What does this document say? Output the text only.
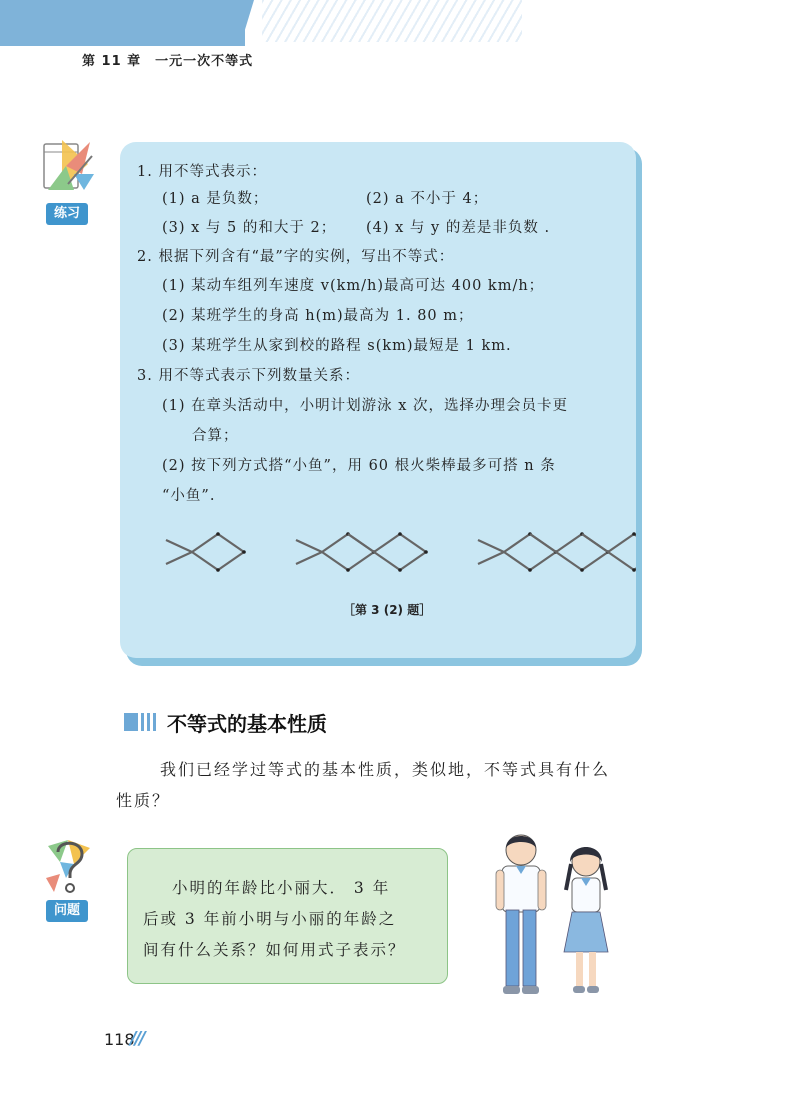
第 11 章　一元一次不等式
练习
1. 用不等式表示：
(1) a 是负数；	(2) a 不小于 4；
(3) x 与 5 的和大于 2； (4) x 与 y 的差是非负数 .
2. 根据下列含有“最”字的实例，写出不等式：
(1) 某动车组列车速度 v(km/h)最高可达 400 km/h；
(2) 某班学生的身高 h(m)最高为 1. 80 m；
(3) 某班学生从家到校的路程 s(km)最短是 1 km.
3. 用不等式表示下列数量关系：
(1) 在章头活动中，小明计划游泳 x 次，选择办理会员卡更
合算；
(2) 按下列方式搭“小鱼”，用 60 根火柴棒最多可搭 n 条
“小鱼”.
［第 3 (2) 题］
不等式的基本性质
我们已经学过等式的基本性质，类似地，不等式具有什么
性质？
问题
小明的年龄比小丽大． 3 年
后或 3 年前小明与小丽的年龄之
间有什么关系？如何用式子表示？
118
///
